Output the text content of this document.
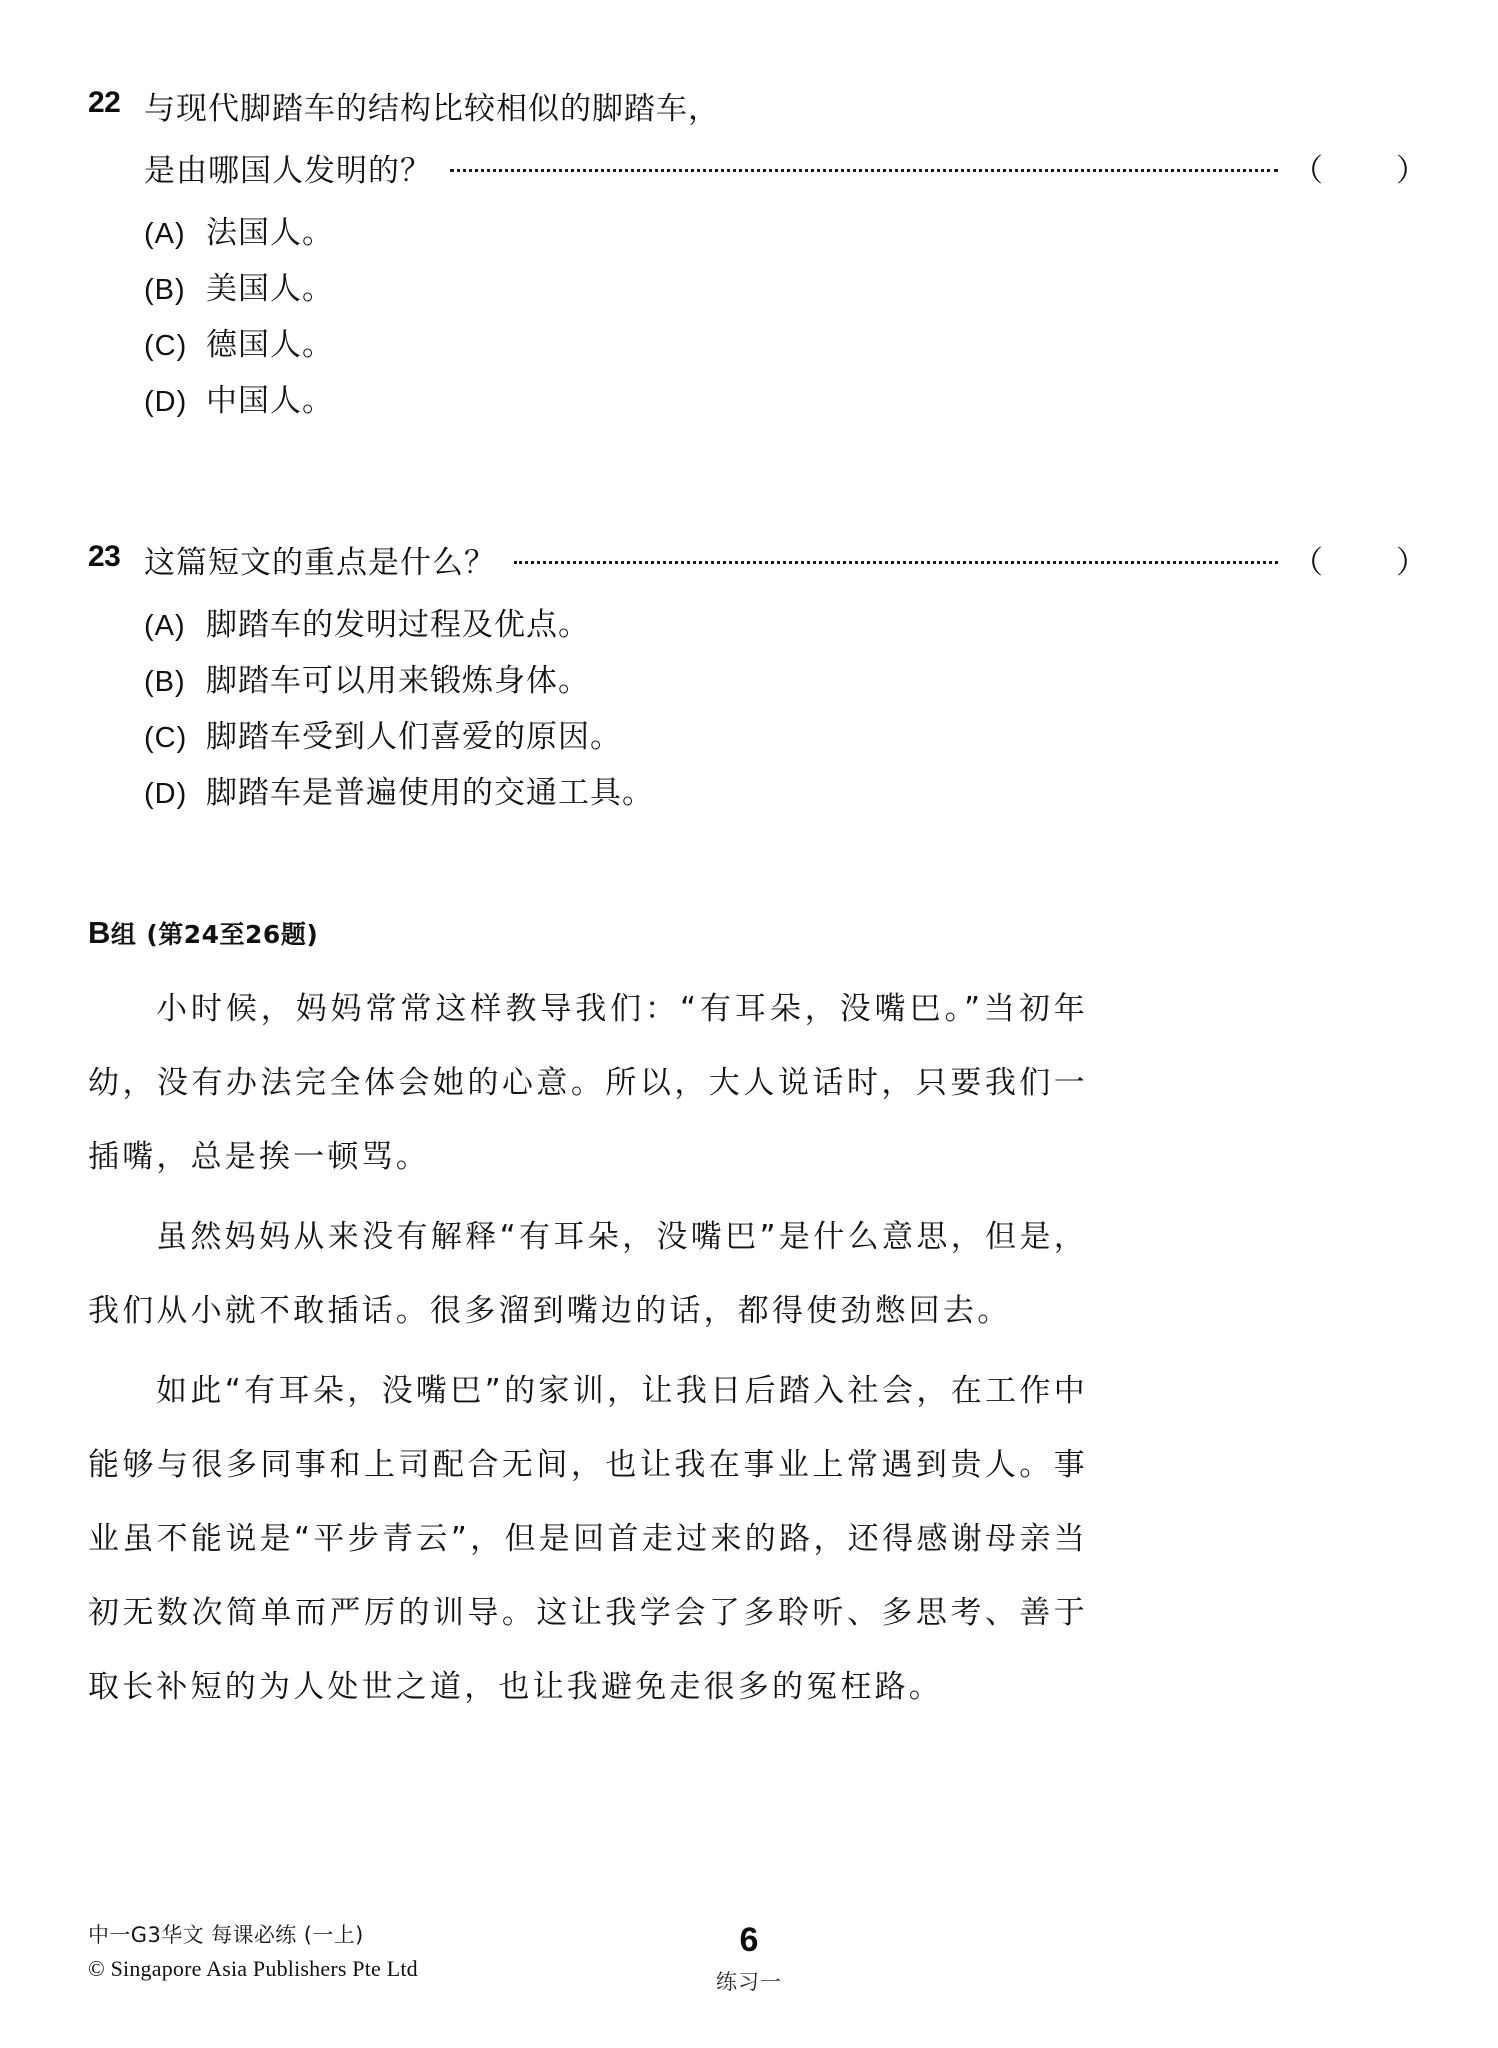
22 与现代脚踏车的结构比较相似的脚踏车，
是由哪国人发明的？	（ ）
(A) 法国人。
(B) 美国人。
(C) 德国人。
(D) 中国人。
23 这篇短文的重点是什么？	（ ）
(A) 脚踏车的发明过程及优点。
(B) 脚踏车可以用来锻炼身体。
(C) 脚踏车受到人们喜爱的原因。
(D) 脚踏车是普遍使用的交通工具。
B组 (第24至26题)

小时候，妈妈常常这样教导我们：“有耳朵，没嘴巴。”当初年幼，没有办法完全体会她的心意。所以，大人说话时，只要我们一插嘴，总是挨一顿骂。

虽然妈妈从来没有解释“有耳朵，没嘴巴”是什么意思，但是，我们从小就不敢插话。很多溜到嘴边的话，都得使劲憋回去。

如此“有耳朵，没嘴巴”的家训，让我日后踏入社会，在工作中能够与很多同事和上司配合无间，也让我在事业上常遇到贵人。事业虽不能说是“平步青云”，但是回首走过来的路，还得感谢母亲当初无数次简单而严厉的训导。这让我学会了多聆听、多思考、善于取长补短的为人处世之道，也让我避免走很多的冤枉路。

中一G3华文 每课必练 (一上)
© Singapore Asia Publishers Pte Ltd
6
练习一
